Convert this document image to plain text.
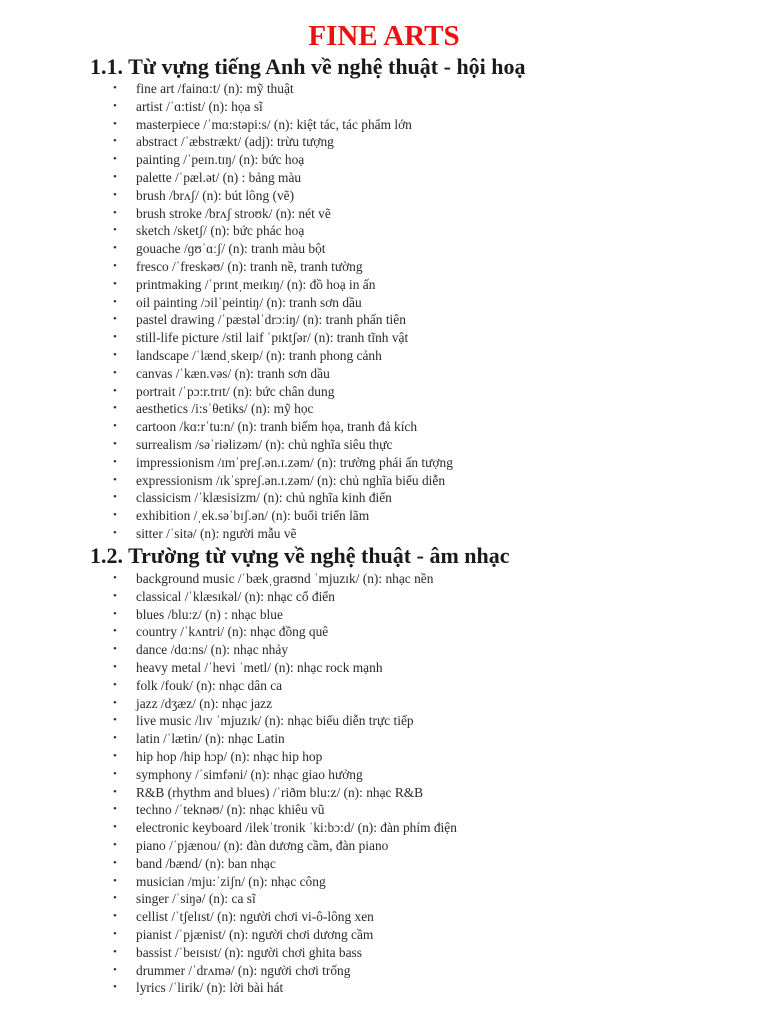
FINE ARTS
1.1. Từ vựng tiếng Anh về nghệ thuật - hội hoạ
• fine art /fainɑ:t/ (n): mỹ thuật
• artist /ˈɑ:tist/ (n): họa sĩ
• masterpiece /ˈmɑ:stəpi:s/ (n): kiệt tác, tác phẩm lớn
• abstract /ˈæbstrækt/ (adj): trừu tượng
• painting /ˈpeɪn.tɪŋ/ (n): bức hoạ
• palette /ˈpæl.ət/ (n) : bảng màu
• brush /brʌʃ/ (n): bút lông (vẽ)
• brush stroke /brʌʃ stroʊk/ (n): nét vẽ
• sketch /sketʃ/ (n): bức phác hoạ
• gouache /ɡʊˈɑːʃ/ (n): tranh màu bột
• fresco /ˈfreskəʊ/ (n): tranh nề, tranh tường
• printmaking /ˈprɪntˌmeɪkɪŋ/ (n): đồ hoạ in ấn
• oil painting /ɔilˈpeintiŋ/ (n): tranh sơn dầu
• pastel drawing /ˈpæstəlˈdrɔ:iŋ/ (n): tranh phấn tiên
• still-life picture /stil laif ˈpɪktʃər/ (n): tranh tĩnh vật
• landscape /ˈlændˌskeɪp/ (n): tranh phong cảnh
• canvas /ˈkæn.vəs/ (n): tranh sơn dầu
• portrait /ˈpɔ:r.trɪt/ (n): bức chân dung
• aesthetics /i:sˈθetiks/ (n): mỹ học
• cartoon /kɑ:rˈtu:n/ (n): tranh biếm họa, tranh đả kích
• surrealism /səˈriəlizəm/ (n): chủ nghĩa siêu thực
• impressionism /ɪmˈpreʃ.ən.ɪ.zəm/ (n): trường phái ấn tượng
• expressionism /ɪkˈspreʃ.ən.ɪ.zəm/ (n): chủ nghĩa biểu diễn
• classicism /ˈklæsisizm/ (n): chủ nghĩa kinh điển
• exhibition /ˌek.səˈbɪʃ.ən/ (n): buổi triển lãm
• sitter /ˈsitə/ (n): người mẫu vẽ
1.2. Trường từ vựng về nghệ thuật - âm nhạc
• background music /ˈbækˌɡraʊnd ˈmjuzɪk/ (n): nhạc nền
• classical /ˈklæsɪkəl/ (n): nhạc cổ điển
• blues /blu:z/ (n) : nhạc blue
• country /ˈkʌntri/ (n): nhạc đồng quê
• dance /dɑ:ns/ (n): nhạc nhảy
• heavy metal /ˈhevi ˈmetl/ (n): nhạc rock mạnh
• folk /fouk/ (n): nhạc dân ca
• jazz /dʒæz/ (n): nhạc jazz
• live music /lɪv ˈmjuzɪk/ (n): nhạc biểu diễn trực tiếp
• latin /ˈlætin/ (n): nhạc Latin
• hip hop /hip hɔp/ (n): nhạc hip hop
• symphony /ˈsimfəni/ (n): nhạc giao hưởng
• R&B (rhythm and blues) /ˈriðm blu:z/ (n): nhạc R&B
• techno /ˈteknəʊ/ (n): nhạc khiêu vũ
• electronic keyboard /ilekˈtronik ˈki:bɔ:d/ (n): đàn phím điện
• piano /ˈpjænou/ (n): đàn dương cầm, đàn piano
• band /bænd/ (n): ban nhạc
• musician /mju:ˈziʃn/ (n): nhạc công
• singer /ˈsiŋə/ (n): ca sĩ
• cellist /ˈtʃelɪst/ (n): người chơi vi-ô-lông xen
• pianist /ˈpjænist/ (n): người chơi dương cầm
• bassist /ˈbeɪsɪst/ (n): người chơi ghita bass
• drummer /ˈdrʌmə/ (n): người chơi trống
• lyrics /ˈlirik/ (n): lời bài hát
